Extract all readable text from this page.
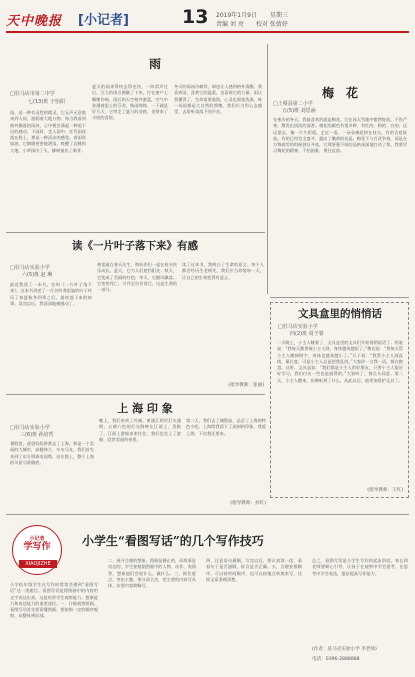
天中晚报 [小记者]	13 2019年1月9日 星期三
责编 刘 亮 校对 张倩妤
雨
□驻马店市第二中学
七(13)班 于怡阳
雨，是一种有灵性的精灵。它无声无息地来到人间，滋润着大地万物。每当我看到窗外飘落的雨丝，心中便会涌起一种说不出的感动。下雨时，走入雨中，任凭雨丝落在脸上，那是一种清凉的感觉。春雨贵如油，它细细密密地洒落，唤醒了沉睡的大地，小草探出了头，柳树抽出了新芽。
夏天的雨来得快去得也快，一阵雷声过后，豆大的雨点便砸了下来，打在窗户上噼啪作响。雨后的天空格外湛蓝，空气中弥漫着泥土的芬芳。秋雨绵绵，一下就是好几天，它带走了夏日的炎热，也带来了丰收的喜悦。
冬天的雨冰冷刺骨，却也让人感到格外清醒。我喜欢雨，喜欢它的温柔，也喜欢它的力量。雨让我懂得了，生命需要滋润，心灵也需要洗涤。每一场雨都是大自然的馈赠，我们应当用心去感受，去聆听雨落下的声音。
梅　花
□上蔡县第二小学
五(5)班 刘思涵
在寒冷的冬天，我最喜欢的就是梅花。它在冰天雪地中傲然绽放，不畏严寒，散发出淡淡的清香。梅花的颜色有很多种，有红的、粉的、白的。远远望去，像一片片彩霞。走近一看，一朵朵梅花挤在枝头，有的含苞欲放，有的已经完全盛开，露出了嫩黄的花蕊。梅花不与百花争春，而是在万物凋零的时候独自开放，它那坚强不屈的品格深深地打动了我。我要学习梅花的精神，不怕困难，勇往直前。
读《一片叶子落下来》有感
□驻马店实验小学
六(5)班 赵 琳
最近我读了一本书，名叫《一片叶子落下来》。这本书讲述了一片名叫弗雷迪的叶子经历了春夏秋冬四季之后，最终落下来的故事。读完以后，我深深地被感动了。
弗雷迪在春天出生，和伙伴们一起在枝头快乐成长。夏天，它为人们遮挡阳光；秋天，它变成了美丽的红色；冬天，它随风飘落。它害怕死亡，可丹尼尔告诉它，这是生命的一部分。
读了这本书，我明白了生命的意义。每个人都会经历生老病死，我们应当珍惜每一天，让自己的生命变得有意义。
(指导教师：张丽)
文具盒里的悄悄话
□驻马店实验小学
四(2)班 周子睿
一天晚上，小主人睡着了，文具盒里的文具们开始悄悄说话了。铅笔说：“我每天都要被小主人削，身体越来越短了。”橡皮说：“我每天帮小主人擦掉错字，身体也越来越小了。”尺子说：“我帮小主人画直线，量长度，可是小主人总是把我乱扔。”大家你一言我一语，都在抱怨。这时，文具盒说：“我们都是小主人的好朋友，只要小主人能好好学习，我们付出一些也是值得的。”大家听了，都点头同意。第二天，小主人醒来，仿佛听到了什么，从此以后，他更加爱护文具了。
(指导教师：王红)
上 海 印 象
□驻马店实验小学
三(6)班 孙培哲
暑假里，爸爸妈妈带我去了上海。那是一个美丽的大城市，高楼林立，车水马龙。我们首先来到了东方明珠电视塔，站在塔上，整个上海的风景尽收眼底。
晚上，我们来到了外滩，黄浦江两岸灯火通明，五颜六色的灯光倒映在江面上，美极了。江面上游船来来往往，我们也坐上了游船，欣赏美丽的夜景。
第二天，我们去了城隍庙，品尝了上海的特色小吃。上海给我留下了深刻的印象，我爱上海，下次我还要来。
(指导教师：孙红)
小记者
学写作
XIAOJIZHE
小学生“看图写话”的几个写作技巧
小学低年级学生在写作时常常会遇到“看图写话”这一类题目。看图写话是将图画中的内容用文字表达出来，这是培养学生观察能力、想象能力和表达能力的重要途径。一、仔细观察图画。看图写话首先要看懂图画，要按照一定的顺序观察，从整体到局部。
二、展开合理的想象。图画是静止的，而故事是动态的，学生要根据图画中的人物、动作、表情等，想象他们会说什么，做什么。三、抓住重点，突出主题。要分清主次，把主要的内容写具体，次要内容简略写。
四、注意语句通顺。写完以后，要认真读一读，看看句子是否通顺，标点是否正确。五、合理安排顺序。可以按时间顺序，也可以按地点转换来写，这样文章条理清楚。
总之，看图写话是小学生写作的起步阶段，家长和老师要耐心引导，让孩子在观察中学会思考，在思考中学会表达，逐步提高写作能力。
(作者：驻马店实验小学 李老师)
电话：0396-2888888
